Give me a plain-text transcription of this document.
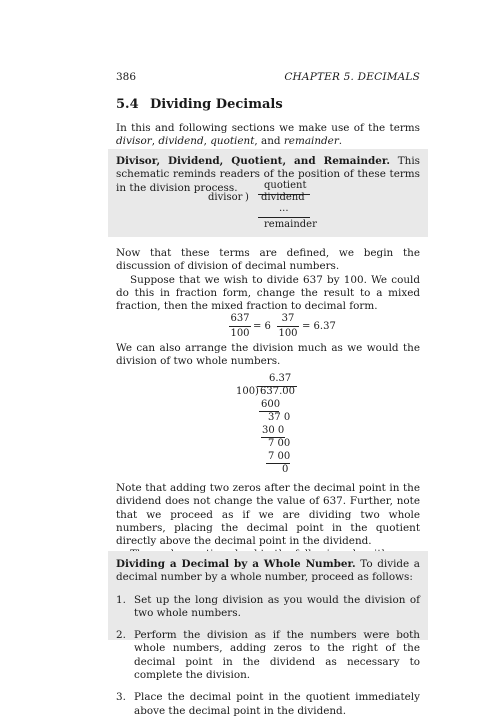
386	CHAPTER 5. DECIMALS
5.4 Dividing Decimals

In this and following sections we make use of the terms divisor, dividend, quotient, and remainder.

Divisor, Dividend, Quotient, and Remainder. This schematic reminds readers of the position of these terms in the division process.	quotient
divisor ) dividend
...
remainder

Now that these terms are defined, we begin the discussion of division of decimal numbers.

Suppose that we wish to divide 637 by 100. We could do this in fraction form, change the result to a mixed fraction, then the mixed fraction to decimal form.

637
100
= 6
37
100
= 6.37

We can also arrange the division much as we would the division of two whole numbers.

6.37
100 ) 637.00
600
37 0
30 0
7 00
7 00
0

Note that adding two zeros after the decimal point in the dividend does not change the value of 637. Further, note that we proceed as if we are dividing two whole numbers, placing the decimal point in the quotient directly above the decimal point in the dividend.

Dividing a Decimal by a Whole Number. To divide a decimal number by a whole number, proceed as follows:
1. Set up the long division as you would the division of two whole numbers.
2. Perform the division as if the numbers were both whole numbers, adding zeros to the right of the decimal point in the dividend as necessary to complete the division.
3. Place the decimal point in the quotient immediately above the decimal point in the dividend.
